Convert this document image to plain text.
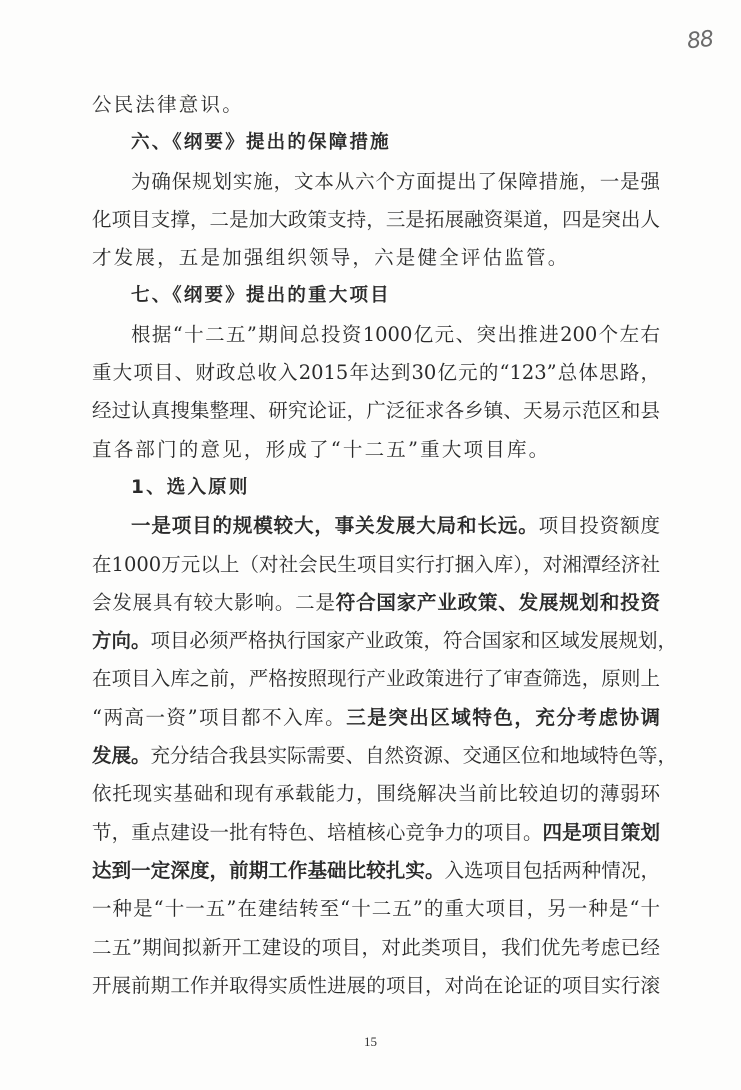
88
公民法律意识。
六、《纲要》提出的保障措施
为确保规划实施，文本从六个方面提出了保障措施，一是强
化项目支撑，二是加大政策支持，三是拓展融资渠道，四是突出人
才发展，五是加强组织领导，六是健全评估监管。
七、《纲要》提出的重大项目
根据“十二五”期间总投资1000亿元、突出推进200个左右
重大项目、财政总收入2015年达到30亿元的“123”总体思路，
经过认真搜集整理、研究论证，广泛征求各乡镇、天易示范区和县
直各部门的意见，形成了“十二五”重大项目库。
1、选入原则
一是项目的规模较大，事关发展大局和长远。项目投资额度
在1000万元以上（对社会民生项目实行打捆入库），对湘潭经济社
会发展具有较大影响。二是符合国家产业政策、发展规划和投资
方向。项目必须严格执行国家产业政策，符合国家和区域发展规划，
在项目入库之前，严格按照现行产业政策进行了审查筛选，原则上
“两高一资”项目都不入库。三是突出区域特色，充分考虑协调
发展。充分结合我县实际需要、自然资源、交通区位和地域特色等，
依托现实基础和现有承载能力，围绕解决当前比较迫切的薄弱环
节，重点建设一批有特色、培植核心竞争力的项目。四是项目策划
达到一定深度，前期工作基础比较扎实。入选项目包括两种情况，
一种是“十一五”在建结转至“十二五”的重大项目，另一种是“十
二五”期间拟新开工建设的项目，对此类项目，我们优先考虑已经
开展前期工作并取得实质性进展的项目，对尚在论证的项目实行滚
15
